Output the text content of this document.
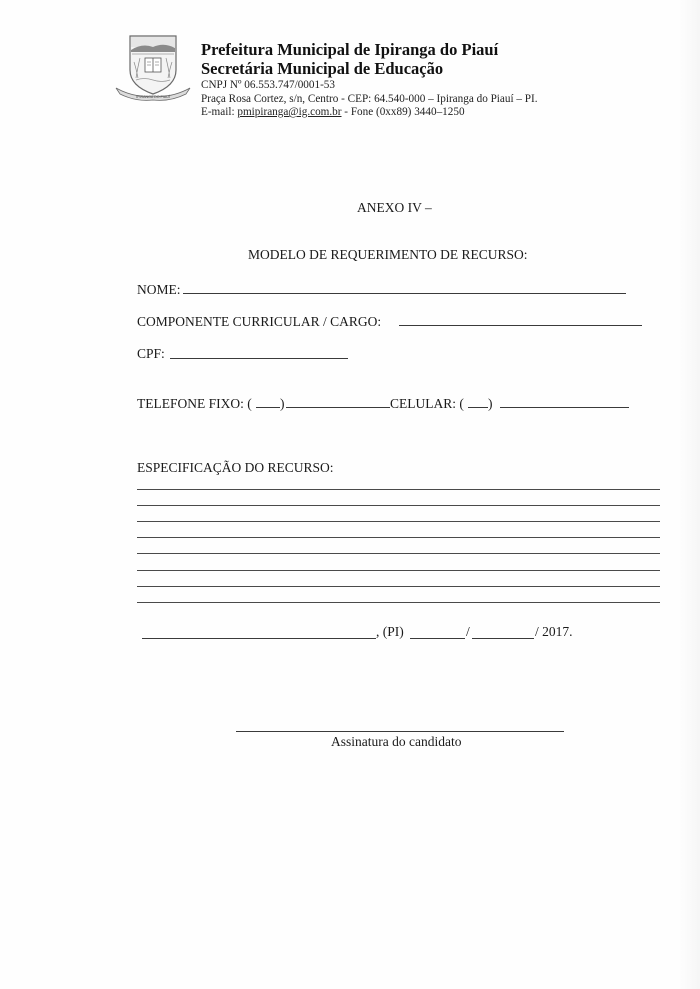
IPIRANGA DO PIAUÍ
Prefeitura Municipal de Ipiranga do Piauí
Secretária Municipal de Educação
CNPJ Nº 06.553.747/0001-53
Praça Rosa Cortez, s/n, Centro - CEP: 64.540-000 – Ipiranga do Piauí – PI.
E-mail: pmipiranga@ig.com.br - Fone (0xx89) 3440–1250
ANEXO IV –
MODELO DE REQUERIMENTO DE RECURSO:
NOME:
COMPONENTE CURRICULAR / CARGO:
CPF:
TELEFONE FIXO: ( )	CELULAR: ( )
ESPECIFICAÇÃO DO RECURSO:
, (PI)	/	/ 2017.
Assinatura do candidato
